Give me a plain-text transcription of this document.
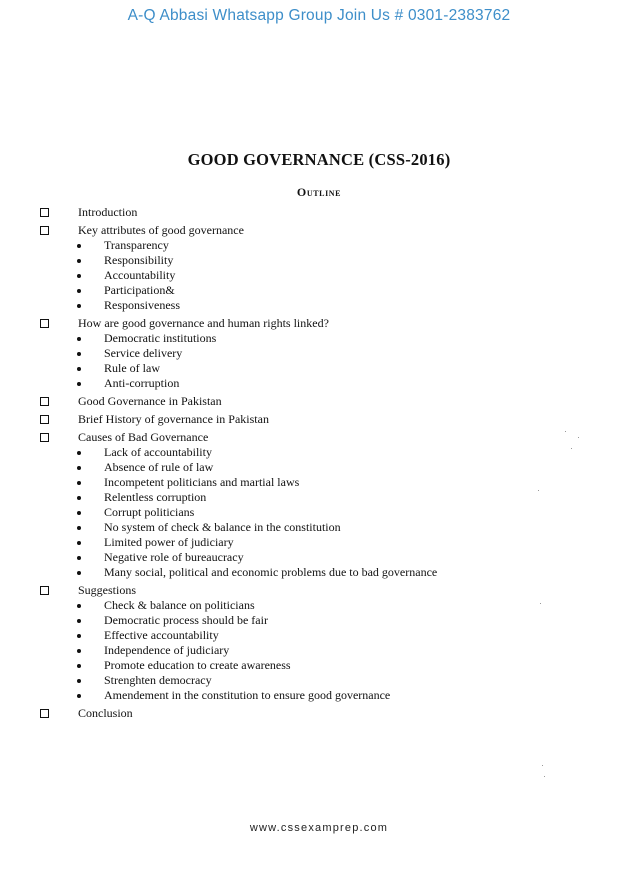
A-Q Abbasi Whatsapp Group Join Us # 0301-2383762
GOOD GOVERNANCE (CSS-2016)
Outline
Introduction
Key attributes of good governance
Transparency
Responsibility
Accountability
Participation&
Responsiveness
How are good governance and human rights linked?
Democratic institutions
Service delivery
Rule of law
Anti-corruption
Good Governance in Pakistan
Brief History of governance in Pakistan
Causes of Bad Governance
Lack of accountability
Absence of rule of law
Incompetent politicians and martial laws
Relentless corruption
Corrupt politicians
No system of check & balance in the constitution
Limited power of judiciary
Negative role of bureaucracy
Many social, political and economic problems due to bad governance
Suggestions
Check & balance on politicians
Democratic process should be fair
Effective accountability
Independence of judiciary
Promote education to create awareness
Strenghten democracy
Amendement in the constitution to ensure good governance
Conclusion
www.cssexamprep.com
